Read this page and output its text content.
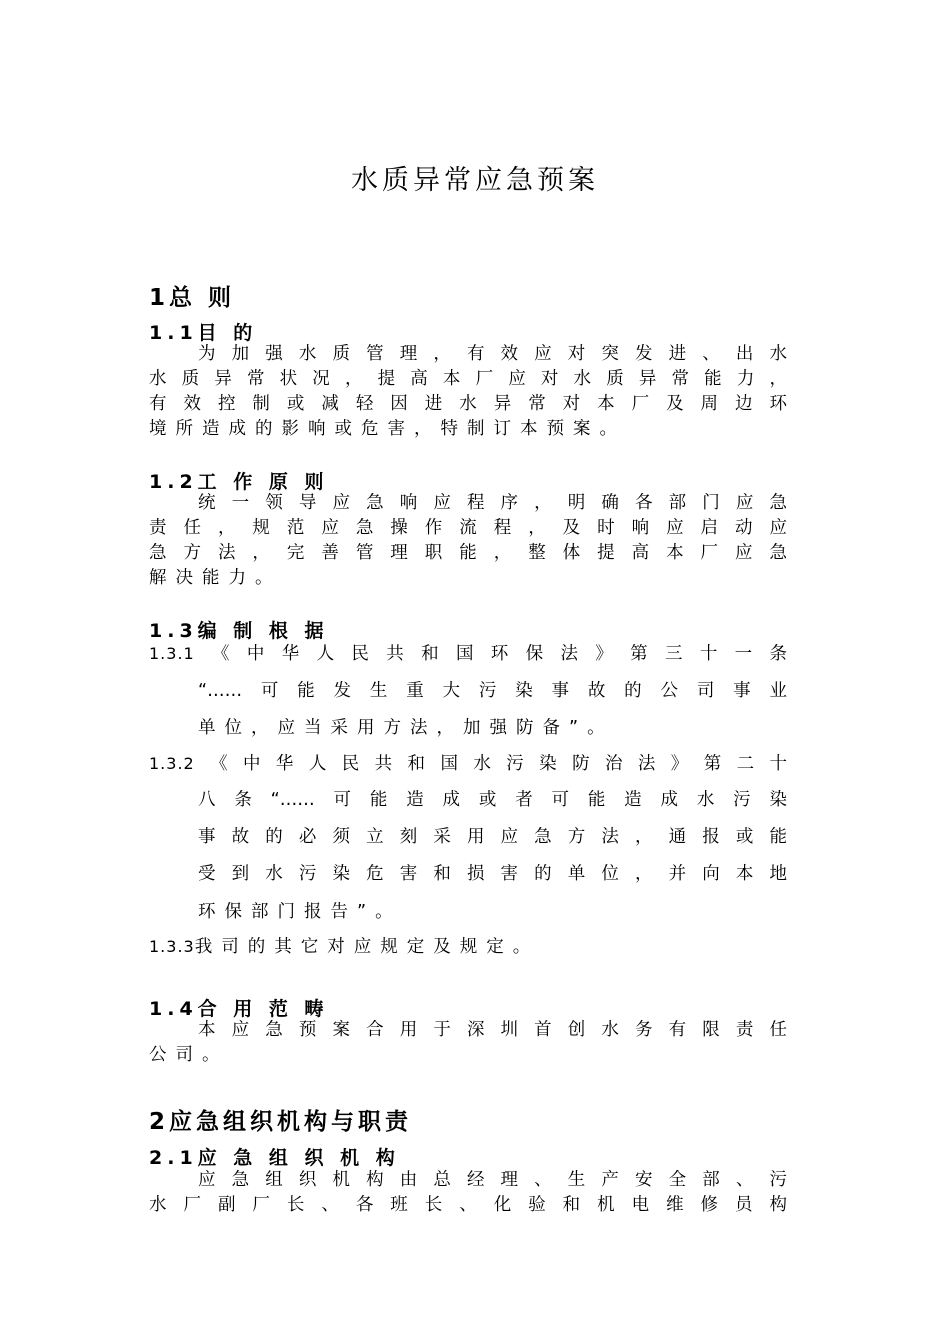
水质异常应急预案
1总 则
1.1目 的

为加强水质管理，有效应对突发进、出水

水质异常状况，提高本厂应对水质异常能力，

有效控制或减轻因进水异常对本厂及周边环

境所造成的影响或危害，特制订本预案。

1.2工 作 原 则

统一领导应急响应程序，明确各部门应急

责任，规范应急操作流程，及时响应启动应

急方法，完善管理职能，整体提高本厂应急

解决能力。

1.3编 制 根 据

1.3.1《中华人民共和国环保法》第三十一条

“……可能发生重大污染事故的公司事业

单位，应当采用方法，加强防备”。

1.3.2《中华人民共和国水污染防治法》第二十

八条“……可能造成或者可能造成水污染

事故的必须立刻采用应急方法，通报或能

受到水污染危害和损害的单位，并向本地

环保部门报告”。

1.3.3我司的其它对应规定及规定。

1.4合 用 范 畴

本应急预案合用于深圳首创水务有限责任

公司。

2应急组织机构与职责
2.1应 急 组 织 机 构

应急组织机构由总经理、生产安全部、污

水厂副厂长、各班长、化验和机电维修员构
